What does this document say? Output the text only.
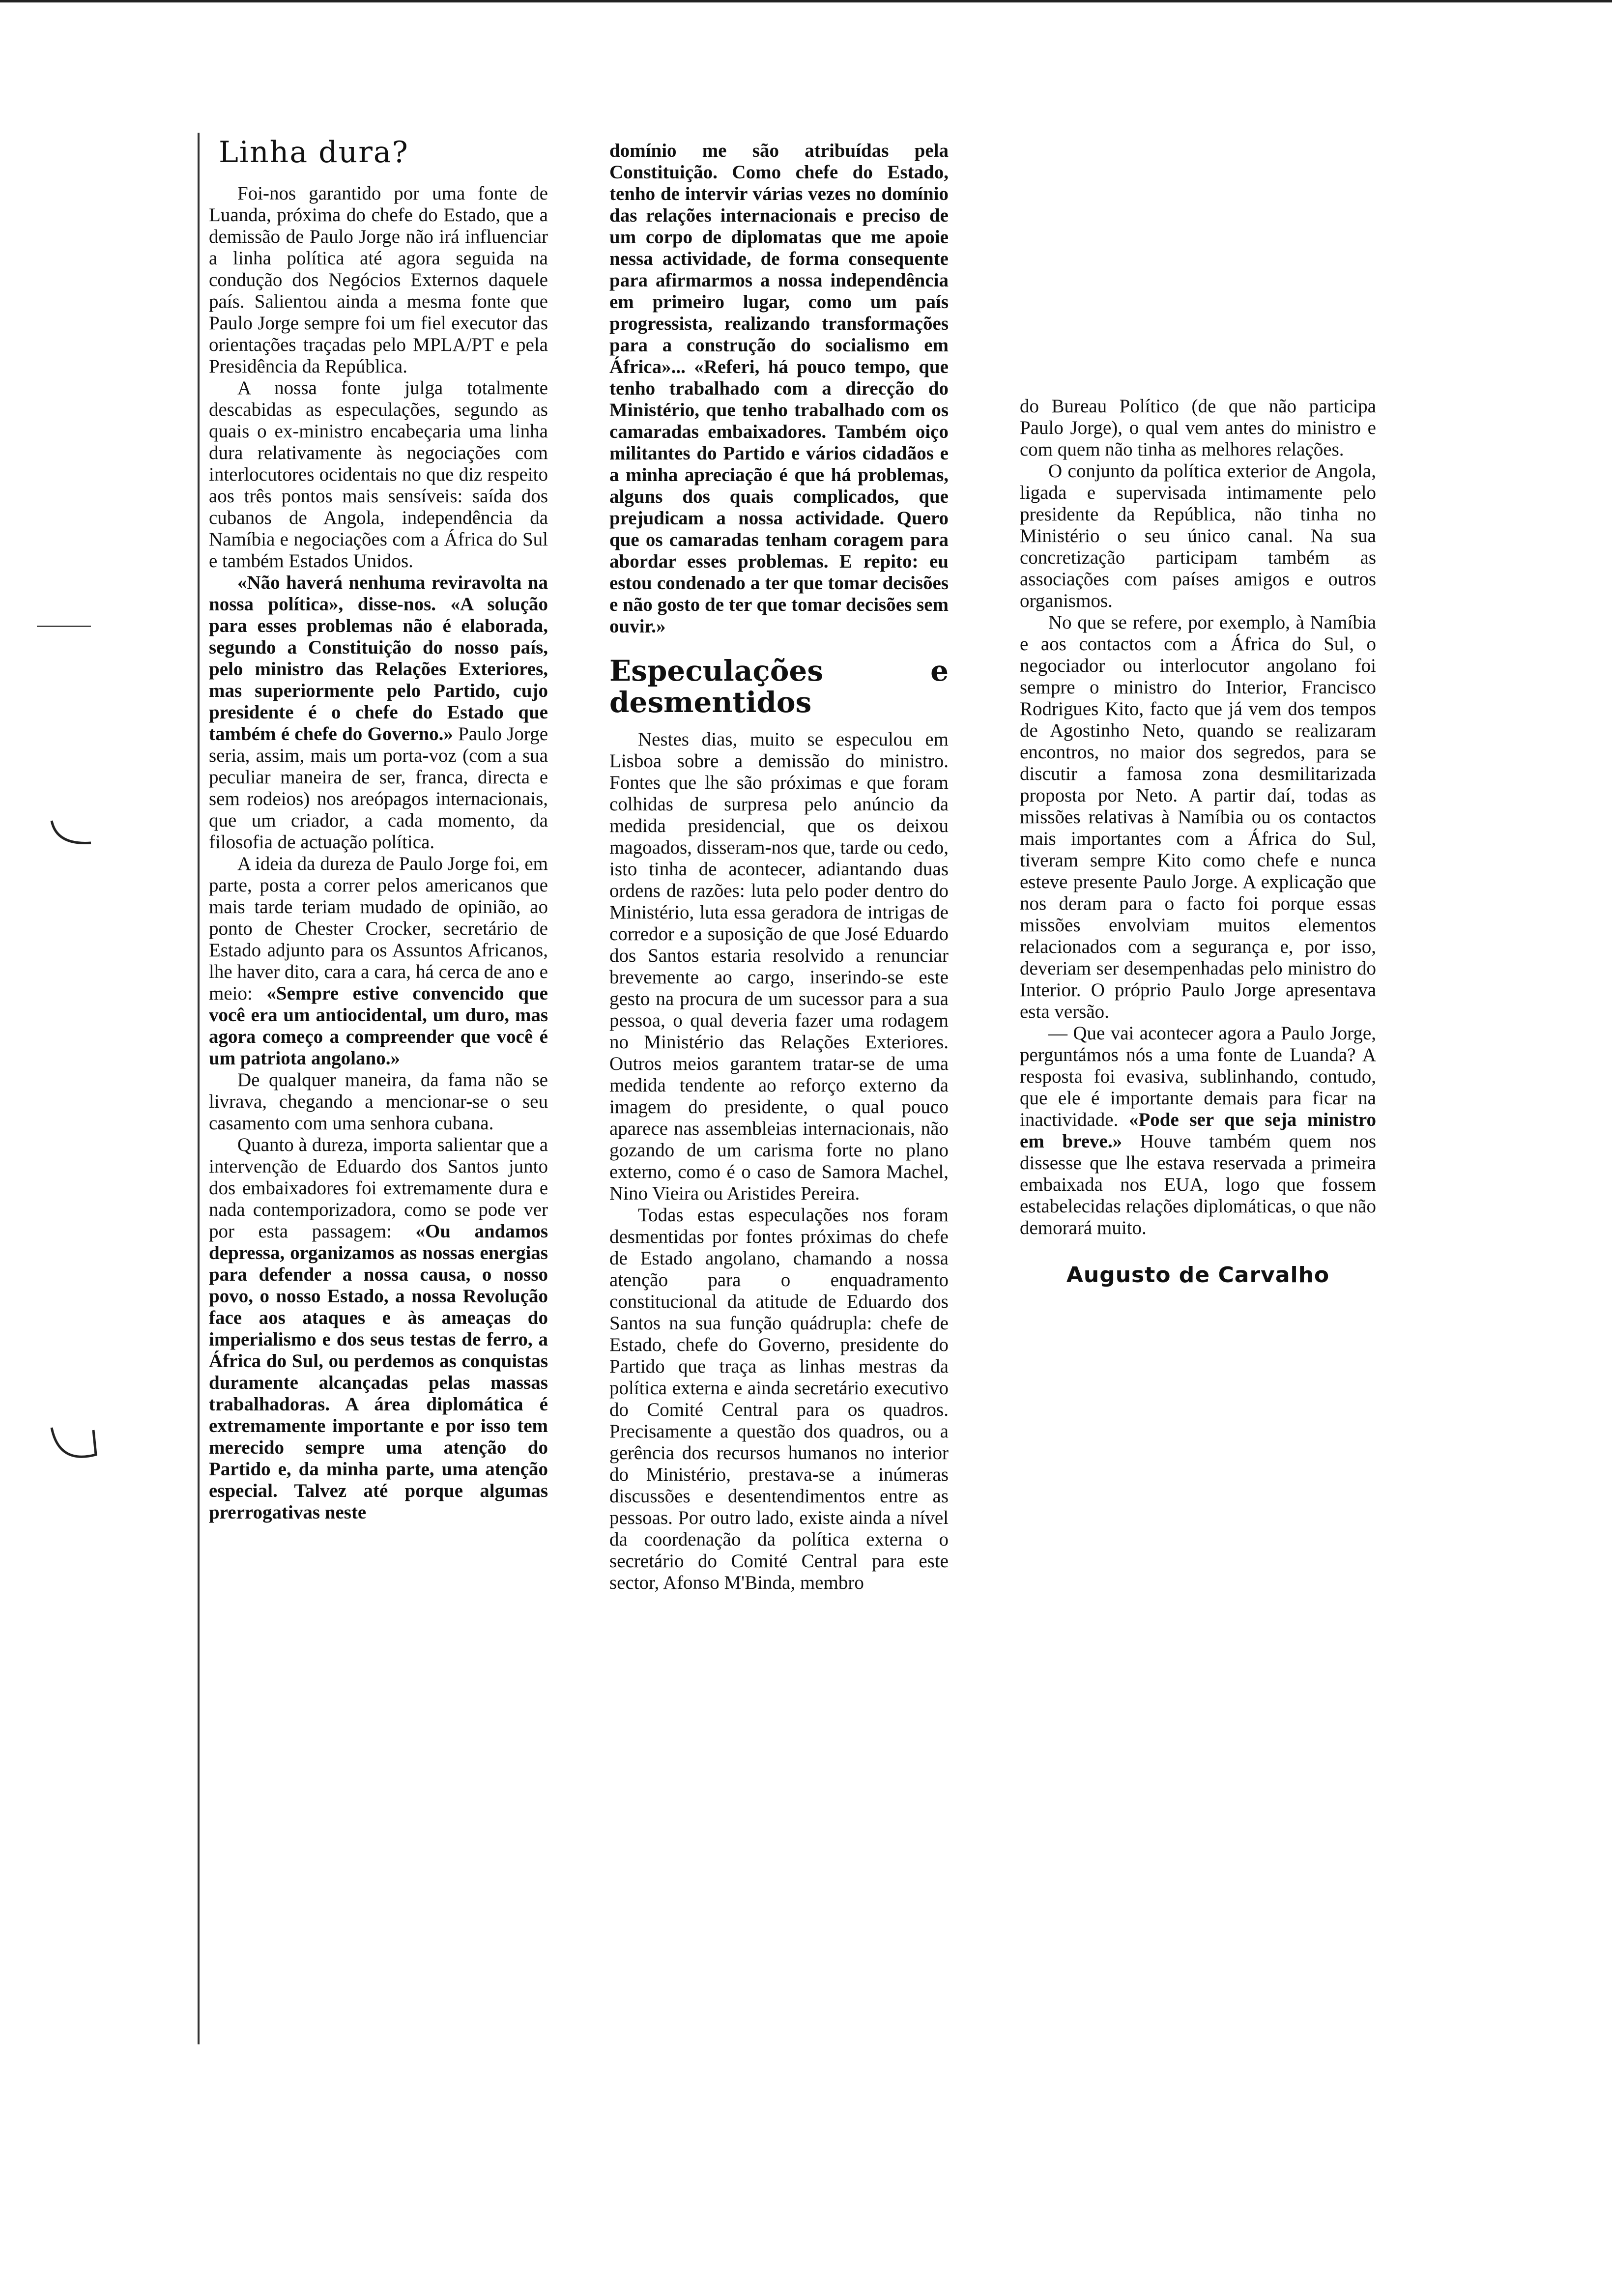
Linha dura?

Foi-nos garantido por uma fonte de Luanda, próxima do chefe do Estado, que a demissão de Paulo Jorge não irá influenciar a linha política até agora seguida na condução dos Negócios Externos daquele país. Salientou ainda a mesma fonte que Paulo Jorge sempre foi um fiel executor das orientações traçadas pelo MPLA/PT e pela Presidência da República.

A nossa fonte julga totalmente descabidas as especulações, segundo as quais o ex-ministro encabeçaria uma linha dura relativamente às negociações com interlocutores ocidentais no que diz respeito aos três pontos mais sensíveis: saída dos cubanos de Angola, independência da Namíbia e negociações com a África do Sul e também Estados Unidos.

«Não haverá nenhuma reviravolta na nossa política», disse-nos. «A solução para esses problemas não é elaborada, segundo a Constituição do nosso país, pelo ministro das Relações Exteriores, mas superiormente pelo Partido, cujo presidente é o chefe do Estado que também é chefe do Governo.» Paulo Jorge seria, assim, mais um porta-voz (com a sua peculiar maneira de ser, franca, directa e sem rodeios) nos areópagos internacionais, que um criador, a cada momento, da filosofia de actuação política.

A ideia da dureza de Paulo Jorge foi, em parte, posta a correr pelos americanos que mais tarde teriam mudado de opinião, ao ponto de Chester Crocker, secretário de Estado adjunto para os Assuntos Africanos, lhe haver dito, cara a cara, há cerca de ano e meio: «Sempre estive convencido que você era um antiocidental, um duro, mas agora começo a compreender que você é um patriota angolano.»

De qualquer maneira, da fama não se livrava, chegando a mencionar-se o seu casamento com uma senhora cubana.

Quanto à dureza, importa salientar que a intervenção de Eduardo dos Santos junto dos embaixadores foi extremamente dura e nada contemporizadora, como se pode ver por esta passagem: «Ou andamos depressa, organizamos as nossas energias para defender a nossa causa, o nosso povo, o nosso Estado, a nossa Revolução face aos ataques e às ameaças do imperialismo e dos seus testas de ferro, a África do Sul, ou perdemos as conquistas duramente alcançadas pelas massas trabalhadoras. A área diplomática é extremamente importante e por isso tem merecido sempre uma atenção do Partido e, da minha parte, uma atenção especial. Talvez até porque algumas prerrogativas neste

domínio me são atribuídas pela Constituição. Como chefe do Estado, tenho de intervir várias vezes no domínio das relações internacionais e preciso de um corpo de diplomatas que me apoie nessa actividade, de forma consequente para afirmarmos a nossa independência em primeiro lugar, como um país progressista, realizando transformações para a construção do socialismo em África»... «Referi, há pouco tempo, que tenho trabalhado com a direcção do Ministério, que tenho trabalhado com os camaradas embaixadores. Também oiço militantes do Partido e vários cidadãos e a minha apreciação é que há problemas, alguns dos quais complicados, que prejudicam a nossa actividade. Quero que os camaradas tenham coragem para abordar esses problemas. E repito: eu estou condenado a ter que tomar decisões e não gosto de ter que tomar decisões sem ouvir.»

Especulações e desmentidos

Nestes dias, muito se especulou em Lisboa sobre a demissão do ministro. Fontes que lhe são próximas e que foram colhidas de surpresa pelo anúncio da medida presidencial, que os deixou magoados, disseram-nos que, tarde ou cedo, isto tinha de acontecer, adiantando duas ordens de razões: luta pelo poder dentro do Ministério, luta essa geradora de intrigas de corredor e a suposição de que José Eduardo dos Santos estaria resolvido a renunciar brevemente ao cargo, inserindo-se este gesto na procura de um sucessor para a sua pessoa, o qual deveria fazer uma rodagem no Ministério das Relações Exteriores. Outros meios garantem tratar-se de uma medida tendente ao reforço externo da imagem do presidente, o qual pouco aparece nas assembleias internacionais, não gozando de um carisma forte no plano externo, como é o caso de Samora Machel, Nino Vieira ou Aristides Pereira.

Todas estas especulações nos foram desmentidas por fontes próximas do chefe de Estado angolano, chamando a nossa atenção para o enquadramento constitucional da atitude de Eduardo dos Santos na sua função quádrupla: chefe de Estado, chefe do Governo, presidente do Partido que traça as linhas mestras da política externa e ainda secretário executivo do Comité Central para os quadros. Precisamente a questão dos quadros, ou a gerência dos recursos humanos no interior do Ministério, prestava-se a inúmeras discussões e desentendimentos entre as pessoas. Por outro lado, existe ainda a nível da coordenação da política externa o secretário do Comité Central para este sector, Afonso M'Binda, membro

do Bureau Político (de que não participa Paulo Jorge), o qual vem antes do ministro e com quem não tinha as melhores relações.

O conjunto da política exterior de Angola, ligada e supervisada intimamente pelo presidente da República, não tinha no Ministério o seu único canal. Na sua concretização participam também as associações com países amigos e outros organismos.

No que se refere, por exemplo, à Namíbia e aos contactos com a África do Sul, o negociador ou interlocutor angolano foi sempre o ministro do Interior, Francisco Rodrigues Kito, facto que já vem dos tempos de Agostinho Neto, quando se realizaram encontros, no maior dos segredos, para se discutir a famosa zona desmilitarizada proposta por Neto. A partir daí, todas as missões relativas à Namíbia ou os contactos mais importantes com a África do Sul, tiveram sempre Kito como chefe e nunca esteve presente Paulo Jorge. A explicação que nos deram para o facto foi porque essas missões envolviam muitos elementos relacionados com a segurança e, por isso, deveriam ser desempenhadas pelo ministro do Interior. O próprio Paulo Jorge apresentava esta versão.

— Que vai acontecer agora a Paulo Jorge, perguntámos nós a uma fonte de Luanda? A resposta foi evasiva, sublinhando, contudo, que ele é importante demais para ficar na inactividade. «Pode ser que seja ministro em breve.» Houve também quem nos dissesse que lhe estava reservada a primeira embaixada nos EUA, logo que fossem estabelecidas relações diplomáticas, o que não demorará muito.

Augusto de Carvalho
